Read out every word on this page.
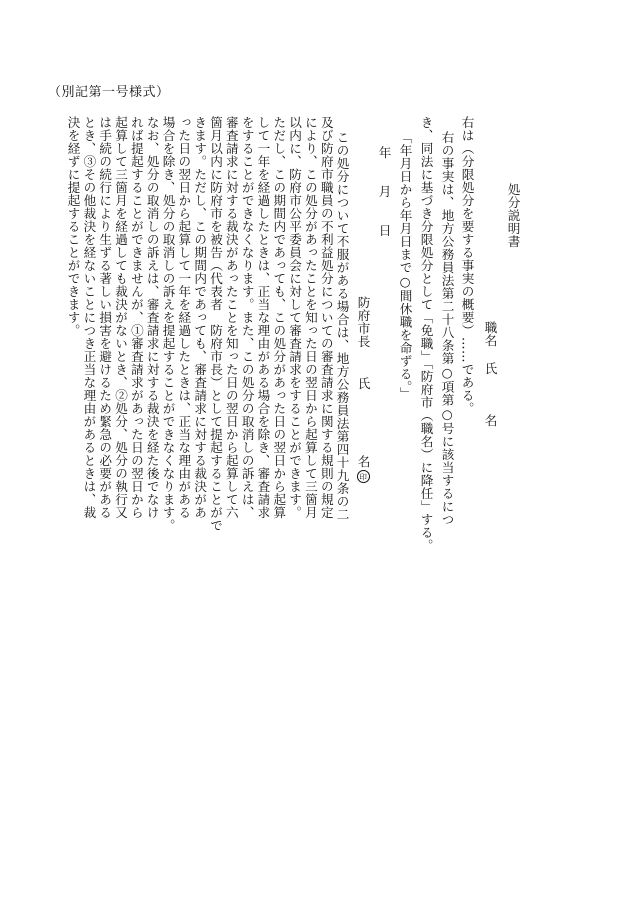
（別記第一号様式）
処分説明書
職名
氏　　　名
右は（分限処分を要する事実の概要）……である。
右の事実は、地方公務員法第二十八条第○項第○号に該当するにつ
き、同法に基づき分限処分として「免職」「防府市（職名）に降任」する。
「年月日から年月日まで○間休職を命ずる。」
年　　月　　日
防府市長
氏　　　　　名印
この処分について不服がある場合は、地方公務員法第四十九条の二
及び防府市職員の不利益処分についての審査請求に関する規則の規定
により、この処分があったことを知った日の翌日から起算して三箇月
以内に、防府市公平委員会に対して審査請求をすることができます。
ただし、この期間内であっても、この処分があった日の翌日から起算
して一年を経過したときは、正当な理由がある場合を除き、審査請求
をすることができなくなります。また、この処分の取消しの訴えは、
審査請求に対する裁決があったことを知った日の翌日から起算して六
箇月以内に防府市を被告（代表者　防府市長）として提起することがで
きます。ただし、この期間内であっても、審査請求に対する裁決があ
った日の翌日から起算して一年を経過したときは、正当な理由がある
場合を除き、処分の取消しの訴えを提起することができなくなります。
なお、処分の取消しの訴えは、審査請求に対する裁決を経た後でなけ
れば提起することができませんが、①審査請求があった日の翌日から
起算して三箇月を経過しても裁決がないとき、②処分、処分の執行又
は手続の続行により生ずる著しい損害を避けるため緊急の必要がある
とき、③その他裁決を経ないことにつき正当な理由があるときは、裁
決を経ずに提起することができます。
